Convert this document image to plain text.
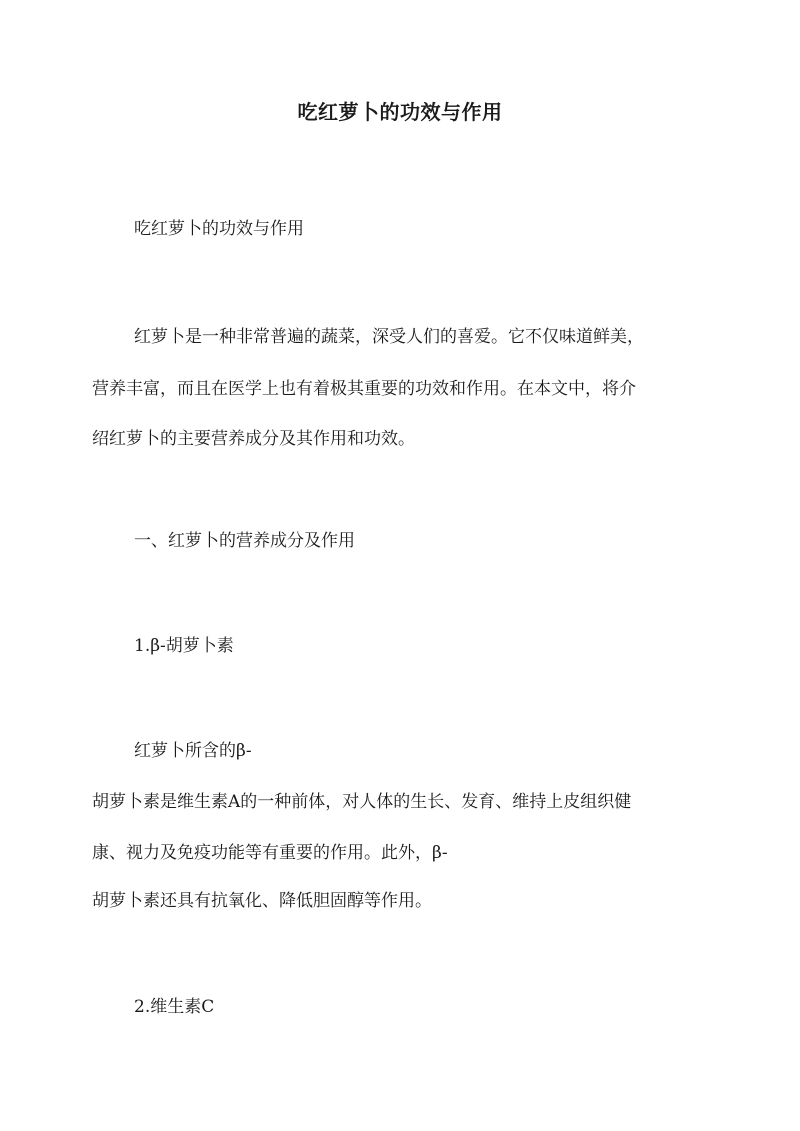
吃红萝卜的功效与作用
吃红萝卜的功效与作用
红萝卜是一种非常普遍的蔬菜，深受人们的喜爱。它不仅味道鲜美，
营养丰富，而且在医学上也有着极其重要的功效和作用。在本文中，将介
绍红萝卜的主要营养成分及其作用和功效。
一、红萝卜的营养成分及作用
1.β-胡萝卜素
红萝卜所含的β-
胡萝卜素是维生素A的一种前体，对人体的生长、发育、维持上皮组织健
康、视力及免疫功能等有重要的作用。此外，β-
胡萝卜素还具有抗氧化、降低胆固醇等作用。
2.维生素C
